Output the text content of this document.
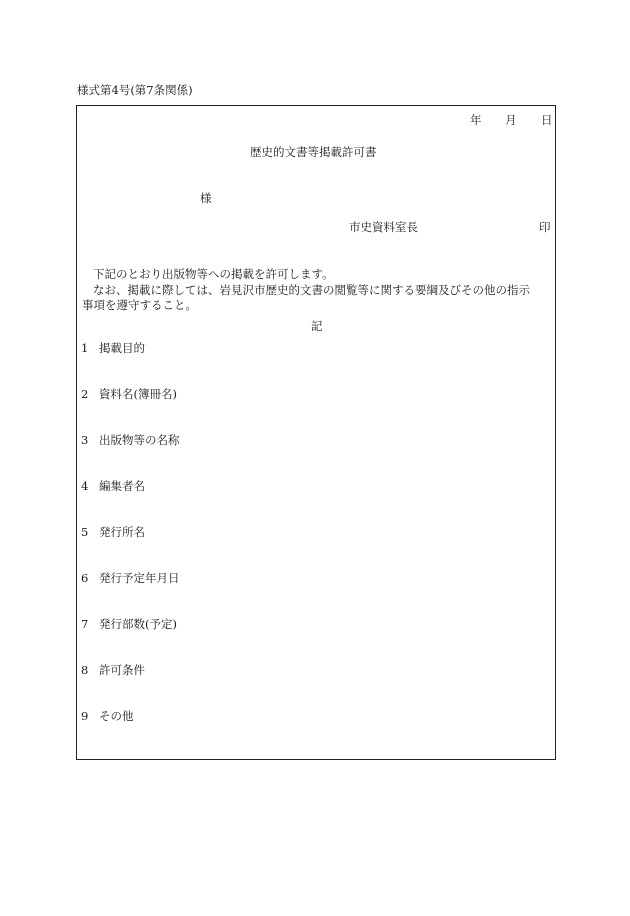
様式第4号(第7条関係)
年 月 日
歴史的文書等掲載許可書
様
市史資料室長	印
下記のとおり出版物等への掲載を許可します。
なお、掲載に際しては、岩見沢市歴史的文書の閲覧等に関する要綱及びその他の指示
事項を遵守すること。
記
1 掲載目的
2 資料名(簿冊名)
3 出版物等の名称
4 編集者名
5 発行所名
6 発行予定年月日
7 発行部数(予定)
8 許可条件
9 その他
